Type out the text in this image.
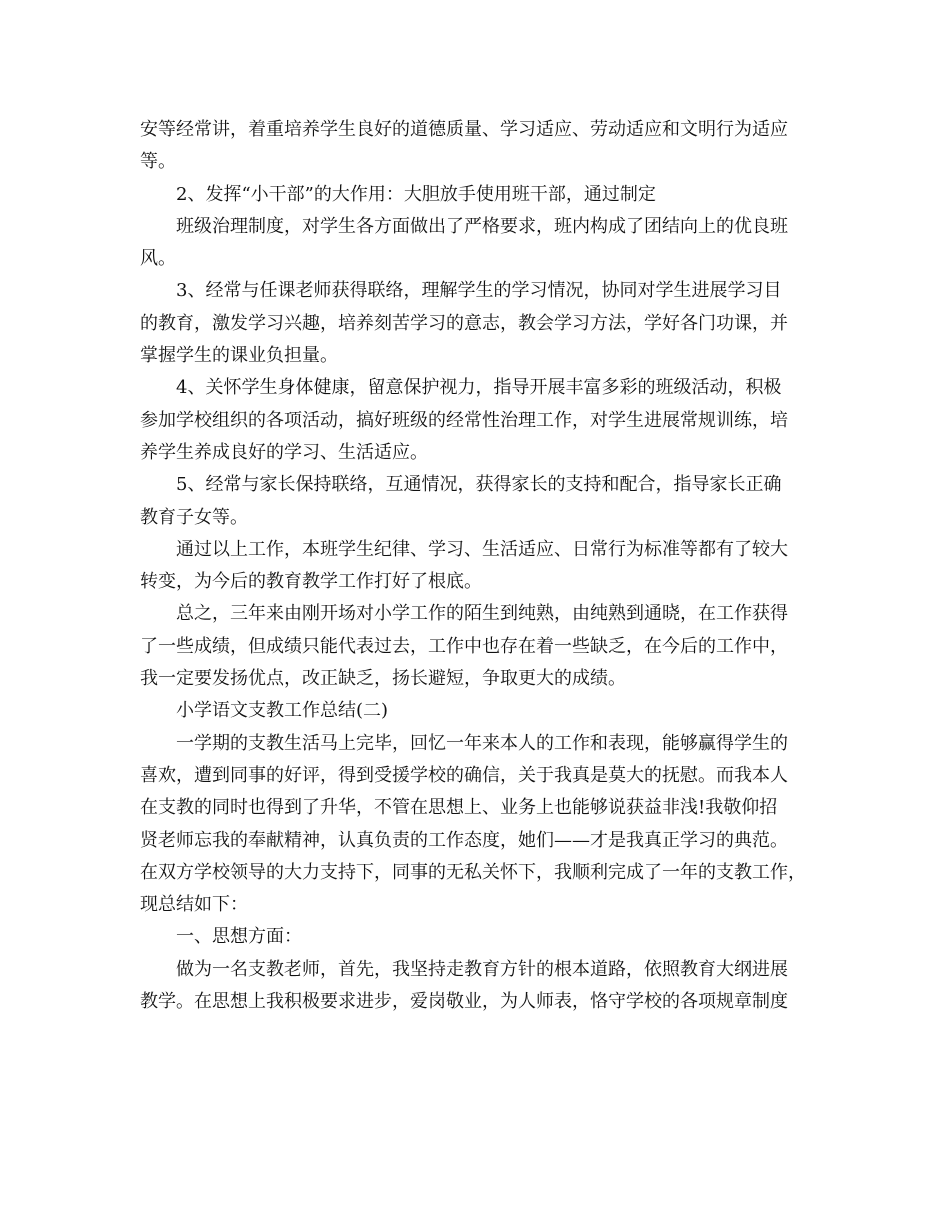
安等经常讲，着重培养学生良好的道德质量、学习适应、劳动适应和文明行为适应
等。
2、发挥“小干部”的大作用：大胆放手使用班干部，通过制定
班级治理制度，对学生各方面做出了严格要求，班内构成了团结向上的优良班
风。
3、经常与任课老师获得联络，理解学生的学习情况，协同对学生进展学习目
的教育，激发学习兴趣，培养刻苦学习的意志，教会学习方法，学好各门功课，并
掌握学生的课业负担量。
4、关怀学生身体健康，留意保护视力，指导开展丰富多彩的班级活动，积极
参加学校组织的各项活动，搞好班级的经常性治理工作，对学生进展常规训练，培
养学生养成良好的学习、生活适应。
5、经常与家长保持联络，互通情况，获得家长的支持和配合，指导家长正确
教育子女等。
通过以上工作，本班学生纪律、学习、生活适应、日常行为标准等都有了较大
转变，为今后的教育教学工作打好了根底。
总之，三年来由刚开场对小学工作的陌生到纯熟，由纯熟到通晓，在工作获得
了一些成绩，但成绩只能代表过去，工作中也存在着一些缺乏，在今后的工作中，
我一定要发扬优点，改正缺乏，扬长避短，争取更大的成绩。
小学语文支教工作总结(二)
一学期的支教生活马上完毕，回忆一年来本人的工作和表现，能够赢得学生的
喜欢，遭到同事的好评，得到受援学校的确信，关于我真是莫大的抚慰。而我本人
在支教的同时也得到了升华，不管在思想上、业务上也能够说获益非浅!我敬仰招
贤老师忘我的奉献精神，认真负责的工作态度，她们——才是我真正学习的典范。
在双方学校领导的大力支持下，同事的无私关怀下，我顺利完成了一年的支教工作，
现总结如下：
一、思想方面：
做为一名支教老师，首先，我坚持走教育方针的根本道路，依照教育大纲进展
教学。在思想上我积极要求进步，爱岗敬业，为人师表，恪守学校的各项规章制度
